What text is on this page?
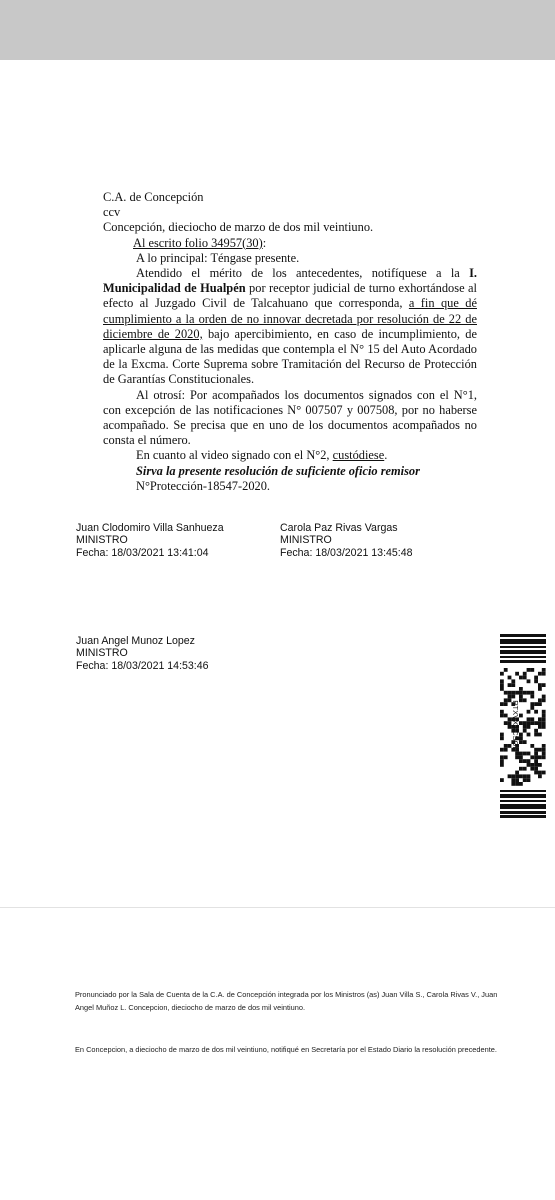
C.A. de Concepción

ccv

Concepción, dieciocho de marzo de dos mil veintiuno.

Al escrito folio 34957(30):

A lo principal: Téngase presente.

Atendido el mérito de los antecedentes, notifíquese a la I. Municipalidad de Hualpén por receptor judicial de turno exhortándose al efecto al Juzgado Civil de Talcahuano que corresponda, a fin que dé cumplimiento a la orden de no innovar decretada por resolución de 22 de diciembre de 2020, bajo apercibimiento, en caso de incumplimiento, de aplicarle alguna de las medidas que contempla el N° 15 del Auto Acordado de la Excma. Corte Suprema sobre Tramitación del Recurso de Protección de Garantías Constitucionales.

Al otrosí: Por acompañados los documentos signados con el N°1, con excepción de las notificaciones N° 007507 y 007508, por no haberse acompañado. Se precisa que en uno de los documentos acompañados no consta el número.

En cuanto al video signado con el N°2, custódiese.

Sirva la presente resolución de suficiente oficio remisor

N°Protección-18547-2020.

Juan Clodomiro Villa Sanhueza
MINISTRO
Fecha: 18/03/2021 13:41:04
Carola Paz Rivas Vargas
MINISTRO
Fecha: 18/03/2021 13:45:48
Juan Angel Munoz Lopez
MINISTRO
Fecha: 18/03/2021 14:53:46
RTXVXXCSGH
Pronunciado por la Sala de Cuenta de la C.A. de Concepción integrada por los Ministros (as) Juan Villa S., Carola Rivas V., Juan Angel Muñoz L. Concepcion, dieciocho de marzo de dos mil veintiuno.
En Concepcion, a dieciocho de marzo de dos mil veintiuno, notifiqué en Secretaría por el Estado Diario la resolución precedente.
